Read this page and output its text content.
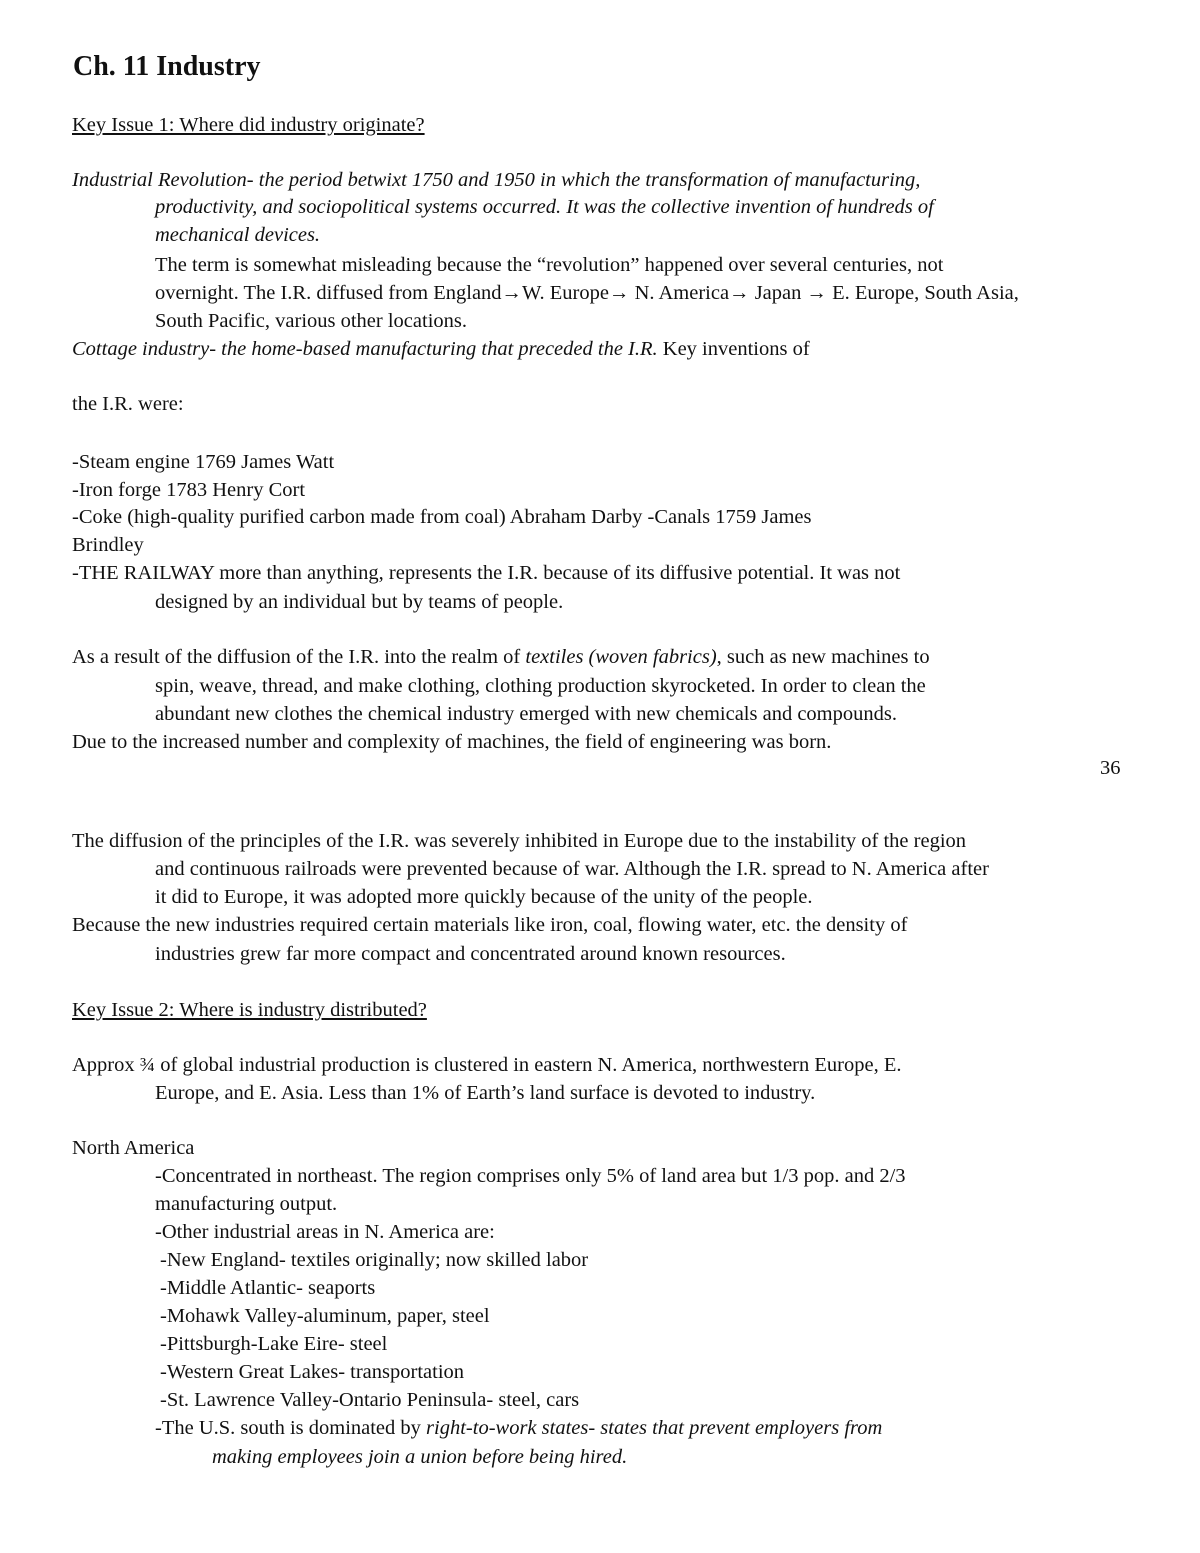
Ch. 11 Industry
Key Issue 1: Where did industry originate?
Industrial Revolution- the period betwixt 1750 and 1950 in which the transformation of manufacturing,
productivity, and sociopolitical systems occurred. It was the collective invention of hundreds of
mechanical devices.
The term is somewhat misleading because the “revolution” happened over several centuries, not
overnight. The I.R. diffused from England→W. Europe→ N. America→ Japan → E. Europe, South Asia,
South Pacific, various other locations.
Cottage industry- the home-based manufacturing that preceded the I.R. Key inventions of
the I.R. were:
-Steam engine 1769 James Watt
-Iron forge 1783 Henry Cort
-Coke (high-quality purified carbon made from coal) Abraham Darby -Canals 1759 James
Brindley
-THE RAILWAY more than anything, represents the I.R. because of its diffusive potential. It was not
designed by an individual but by teams of people.
As a result of the diffusion of the I.R. into the realm of textiles (woven fabrics), such as new machines to
spin, weave, thread, and make clothing, clothing production skyrocketed. In order to clean the
abundant new clothes the chemical industry emerged with new chemicals and compounds.
Due to the increased number and complexity of machines, the field of engineering was born.
36
The diffusion of the principles of the I.R. was severely inhibited in Europe due to the instability of the region
and continuous railroads were prevented because of war. Although the I.R. spread to N. America after
it did to Europe, it was adopted more quickly because of the unity of the people.
Because the new industries required certain materials like iron, coal, flowing water, etc. the density of
industries grew far more compact and concentrated around known resources.
Key Issue 2: Where is industry distributed?
Approx ¾ of global industrial production is clustered in eastern N. America, northwestern Europe, E.
Europe, and E. Asia. Less than 1% of Earth’s land surface is devoted to industry.
North America
-Concentrated in northeast. The region comprises only 5% of land area but 1/3 pop. and 2/3
manufacturing output.
-Other industrial areas in N. America are:
-New England- textiles originally; now skilled labor
-Middle Atlantic- seaports
-Mohawk Valley-aluminum, paper, steel
-Pittsburgh-Lake Eire- steel
-Western Great Lakes- transportation
-St. Lawrence Valley-Ontario Peninsula- steel, cars
-The U.S. south is dominated by right-to-work states- states that prevent employers from
making employees join a union before being hired.
